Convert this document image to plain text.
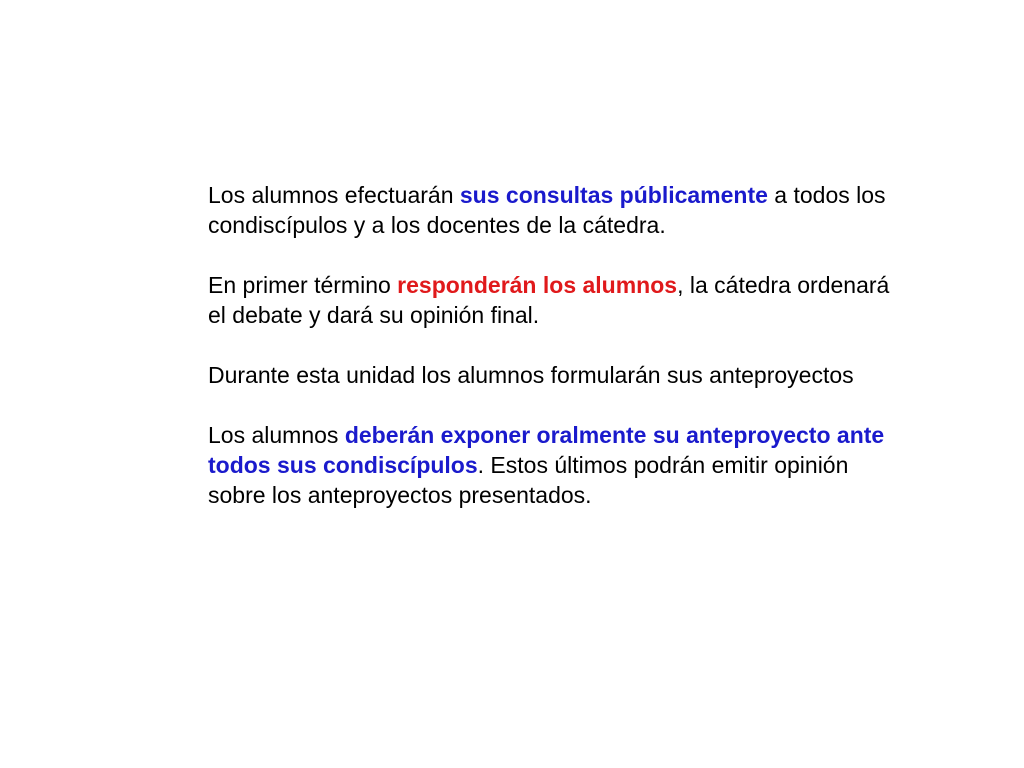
Los alumnos efectuarán sus consultas públicamente a todos los condiscípulos y a los docentes de la cátedra.

En primer término responderán los alumnos, la cátedra ordenará el debate y dará su opinión final.

Durante esta unidad los alumnos formularán sus anteproyectos

Los alumnos deberán exponer oralmente su anteproyecto ante todos sus condiscípulos. Estos últimos podrán emitir opinión sobre los anteproyectos presentados.
